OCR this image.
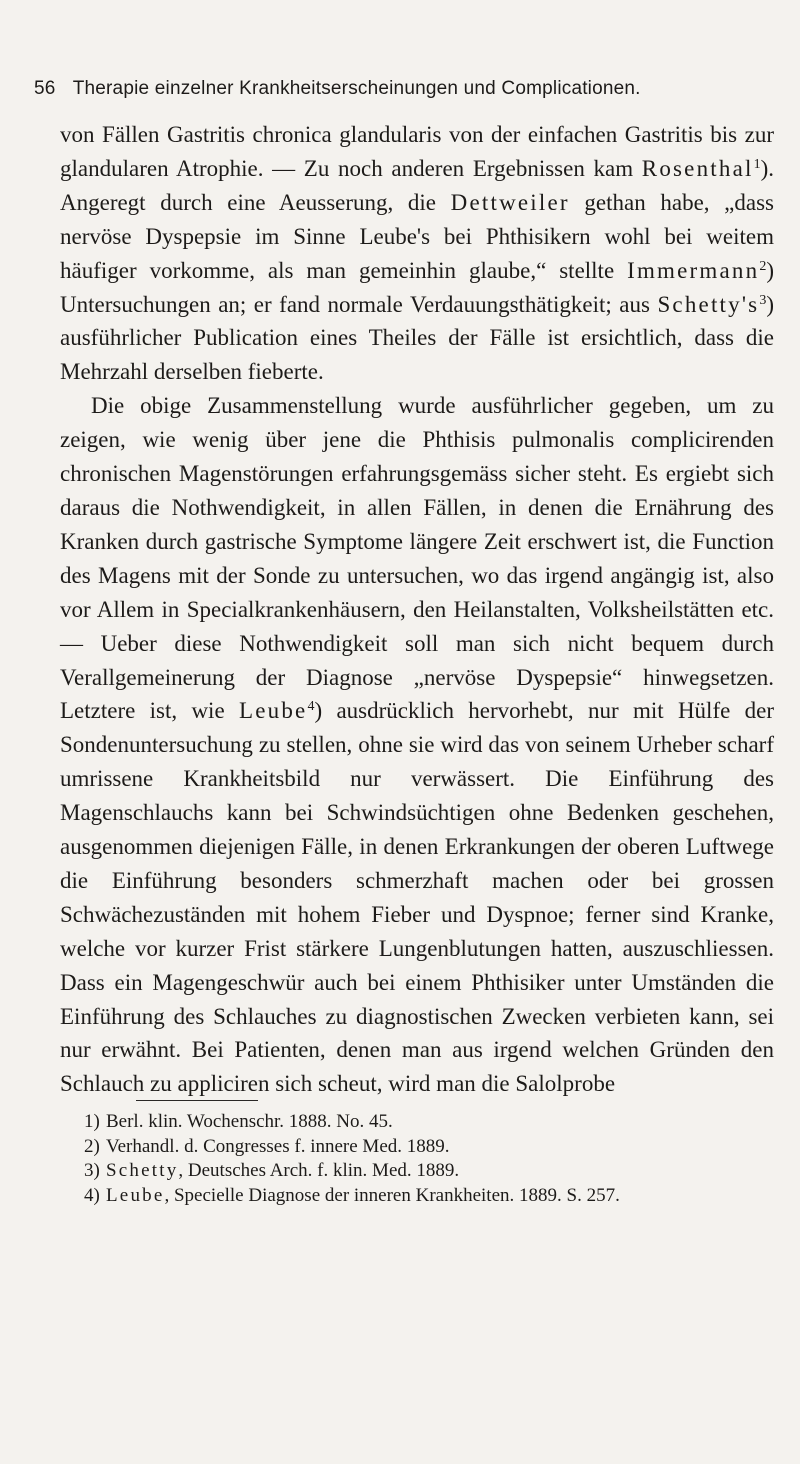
56 Therapie einzelner Krankheitserscheinungen und Complicationen.

von Fällen Gastritis chronica glandularis von der einfachen Gastritis bis zur glandularen Atrophie. — Zu noch anderen Ergebnissen kam Rosenthal$^1$). Angeregt durch eine Aeusserung, die Dettweiler gethan habe, „dass nervöse Dyspepsie im Sinne Leube's bei Phthisikern wohl bei weitem häufiger vorkomme, als man gemeinhin glaube,“ stellte Immermann$^2$) Untersuchungen an; er fand normale Verdauungsthätigkeit; aus $Schetty's^3$) ausführlicher Publication eines Theiles der Fälle ist ersichtlich, dass die Mehrzahl derselben fieberte.

Die obige Zusammenstellung wurde ausführlicher gegeben, um zu zeigen, wie wenig über jene die Phthisis pulmonalis complicirenden chronischen Magenstörungen erfahrungsgemäss sicher steht. Es ergiebt sich daraus die Nothwendigkeit, in allen Fällen, in denen die Ernährung des Kranken durch gastrische Symptome längere Zeit erschwert ist, die Function des Magens mit der Sonde zu untersuchen, wo das irgend angängig ist, also vor Allem in Specialkrankenhäusern, den Heilanstalten, Volksheilstätten etc. — Ueber diese Nothwendigkeit soll man sich nicht bequem durch Verallgemeinerung der Diagnose „nervöse Dyspepsie“ hinwegsetzen. Letztere ist, wie Leube$^4$) ausdrücklich hervorhebt, nur mit Hülfe der Sondenuntersuchung zu stellen, ohne sie wird das von seinem Urheber scharf umrissene Krankheitsbild nur verwässert. Die Einführung des Magenschlauchs kann bei Schwindsüchtigen ohne Bedenken geschehen, ausgenommen diejenigen Fälle, in denen Erkrankungen der oberen Luftwege die Einführung besonders schmerzhaft machen oder bei grossen Schwächezuständen mit hohem Fieber und Dyspnoe; ferner sind Kranke, welche vor kurzer Frist stärkere Lungenblutungen hatten, auszuschliessen. Dass ein Magengeschwür auch bei einem Phthisiker unter Umständen die Einführung des Schlauches zu diagnostischen Zwecken verbieten kann, sei nur erwähnt. Bei Patienten, denen man aus irgend welchen Gründen den Schlauch zu appliciren sich scheut, wird man die Salolprobe

1) Berl. klin. Wochenschr. 1888. No. 45.
2) Verhandl. d. Congresses f. innere Med. 1889.
3) Schetty, Deutsches Arch. f. klin. Med. 1889.
4) Leube, Specielle Diagnose der inneren Krankheiten. 1889. S. 257.
